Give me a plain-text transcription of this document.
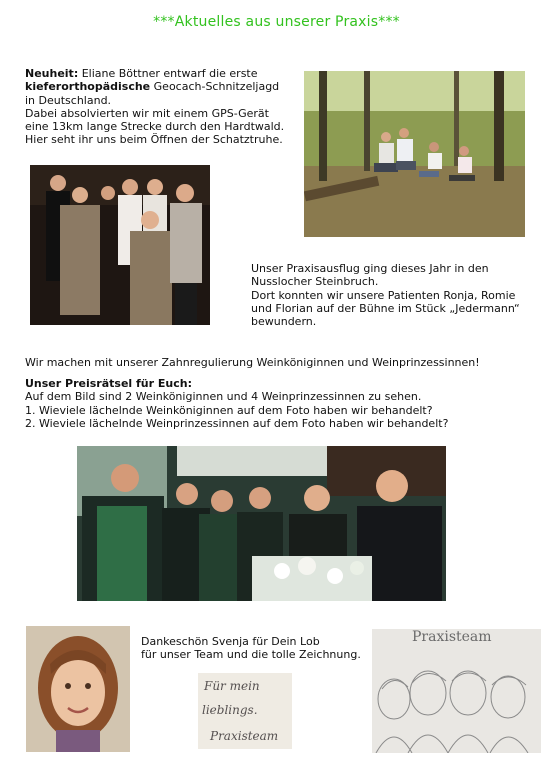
***Aktuelles aus unserer Praxis***

Neuheit: Eliane Böttner entwarf die erste

kieferorthopädische Geocach-Schnitzeljagd

in Deutschland.

Dabei absolvierten wir mit einem GPS-Gerät

eine 13km lange Strecke durch den Hardtwald.

Hier seht ihr uns beim Öffnen der Schatztruhe.

Unser Praxisausflug ging dieses Jahr in den

Nusslocher Steinbruch.

Dort konnten wir unsere Patienten Ronja, Romie

und Florian auf der Bühne im Stück „Jedermann“

bewundern.

Wir machen mit unserer Zahnregulierung Weinköniginnen und Weinprinzessinnen!

Unser Preisrätsel für Euch:

Auf dem Bild sind 2 Weinköniginnen und 4 Weinprinzessinnen zu sehen.

1. Wieviele lächelnde Weinköniginnen auf dem Foto haben wir behandelt?

2. Wieviele lächelnde Weinprinzessinnen auf dem Foto haben wir behandelt?

Dankeschön Svenja für Dein Lob

für unser Team und die tolle Zeichnung.

Für mein
lieblings.
Praxisteam
Praxisteam
